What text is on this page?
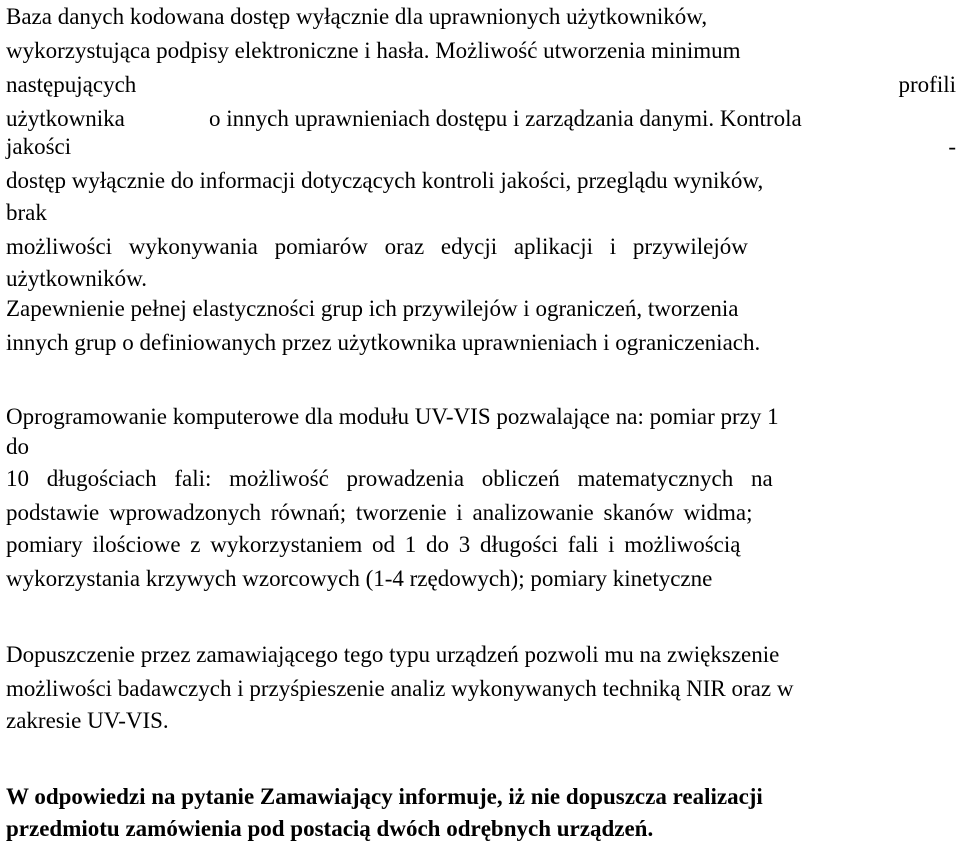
Baza danych kodowana dostęp wyłącznie dla uprawnionych użytkowników,
wykorzystująca podpisy elektroniczne i hasła. Możliwość utworzenia minimum
następujących	profili
użytkownika	o innych uprawnieniach dostępu i zarządzania danymi. Kontrola
jakości	-
dostęp wyłącznie do informacji dotyczących kontroli jakości, przeglądu wyników,
brak
możliwości wykonywania pomiarów oraz edycji aplikacji i przywilejów
użytkowników.
Zapewnienie pełnej elastyczności grup ich przywilejów i ograniczeń, tworzenia
innych grup o definiowanych przez użytkownika uprawnieniach i ograniczeniach.
Oprogramowanie komputerowe dla modułu UV-VIS pozwalające na: pomiar przy 1
do
10 długościach fali: możliwość prowadzenia obliczeń matematycznych na
podstawie wprowadzonych równań; tworzenie i analizowanie skanów widma;
pomiary ilościowe z wykorzystaniem od 1 do 3 długości fali i możliwością
wykorzystania krzywych wzorcowych (1-4 rzędowych); pomiary kinetyczne
Dopuszczenie przez zamawiającego tego typu urządzeń pozwoli mu na zwiększenie
możliwości badawczych i przyśpieszenie analiz wykonywanych techniką NIR oraz w
zakresie UV-VIS.
W odpowiedzi na pytanie Zamawiający informuje, iż nie dopuszcza realizacji
przedmiotu zamówienia pod postacią dwóch odrębnych urządzeń.
